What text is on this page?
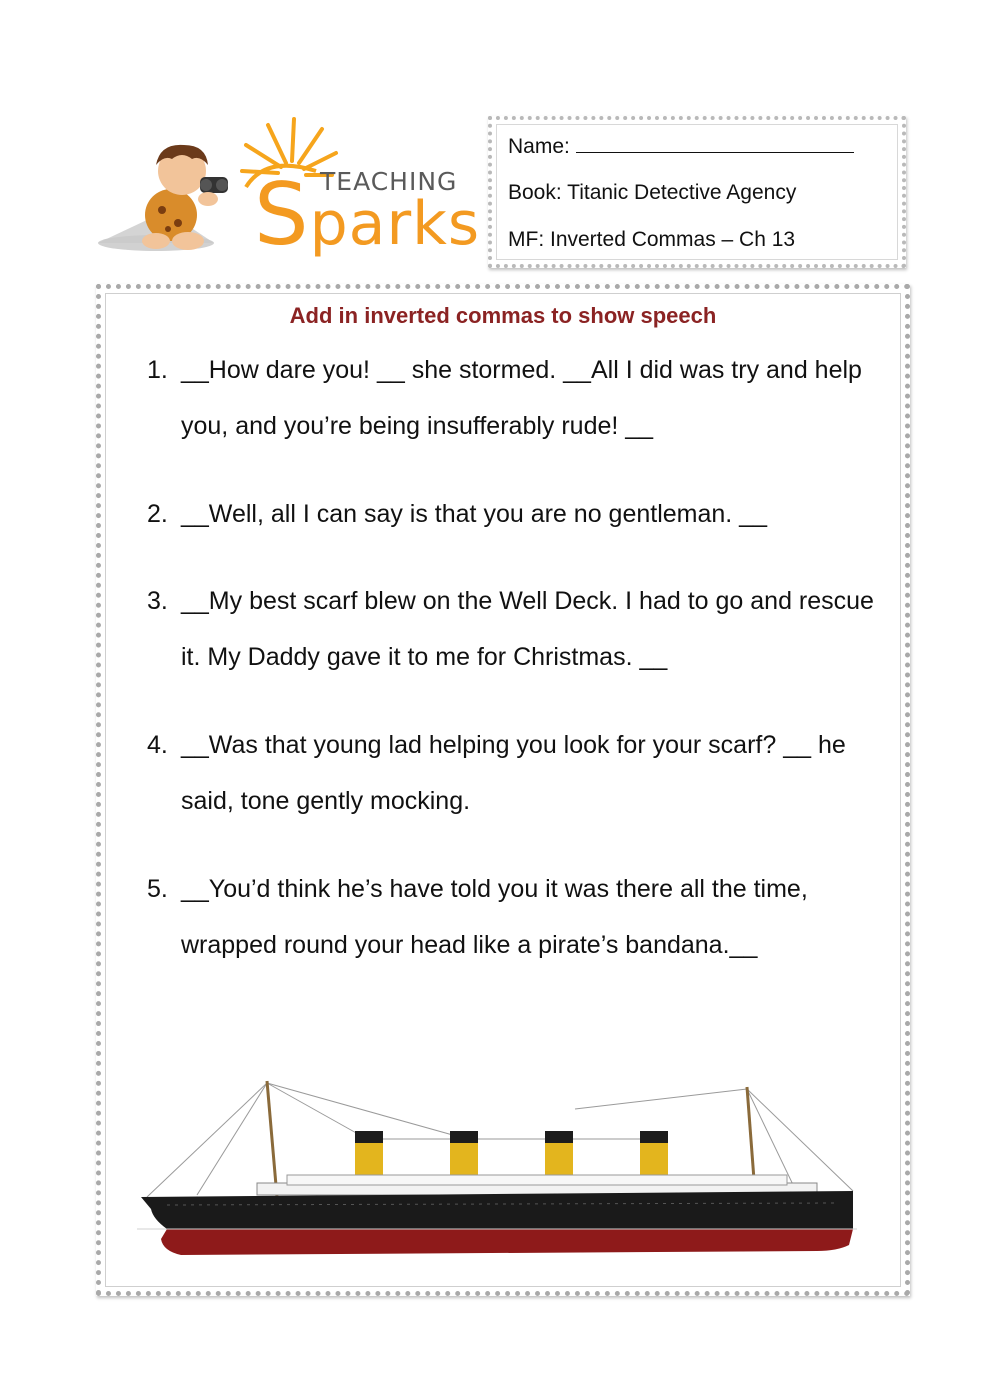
TEACHING
Sparks
Name:
Book: Titanic Detective Agency
MF: Inverted Commas – Ch 13
Add in inverted commas to show speech
1. __How dare you! __ she stormed. __All I did was try and help you, and you’re being insufferably rude! __
2. __Well, all I can say is that you are no gentleman. __
3. __My best scarf blew on the Well Deck. I had to go and rescue it. My Daddy gave it to me for Christmas. __
4. __Was that young lad helping you look for your scarf? __ he said, tone gently mocking.
5. __You’d think he’s have told you it was there all the time, wrapped round your head like a pirate’s bandana.__
